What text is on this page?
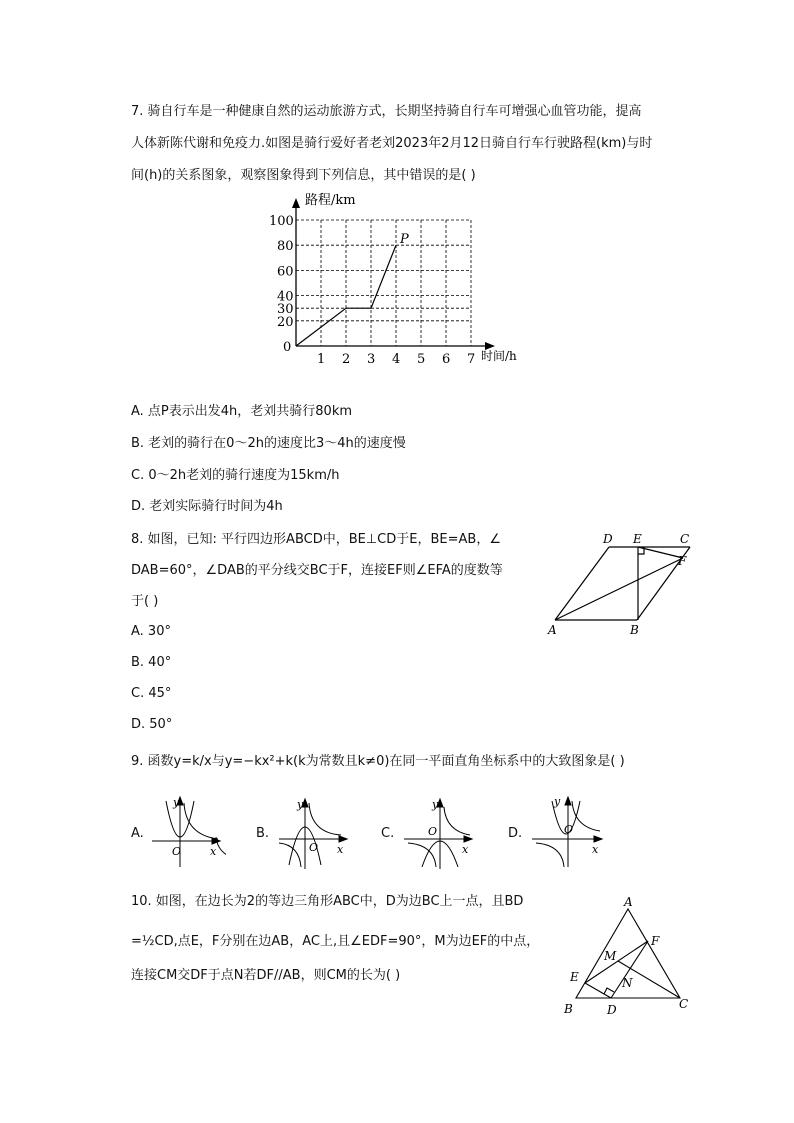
7. 骑自行车是一种健康自然的运动旅游方式，长期坚持骑自行车可增强心血管功能，提高
人体新陈代谢和免疫力.如图是骑行爱好者老刘2023年2月12日骑自行车行驶路程(km)与时
间(h)的关系图象，观察图象得到下列信息，其中错误的是( )
1 2 3 4 5 6 7
20
30
40
60
80
100
路程/km
时间/h
0
P
A. 点P表示出发4h，老刘共骑行80km
B. 老刘的骑行在0～2h的速度比3～4h的速度慢
C. 0～2h老刘的骑行速度为15km/h
D. 老刘实际骑行时间为4h
8. 如图，已知: 平行四边形ABCD中，BE⊥CD于E，BE=AB，∠
DAB=60°，∠DAB的平分线交BC于F，连接EF则∠EFA的度数等
于( )
A. 30°
B. 40°
C. 45°
D. 50°
A	B
C
D E
F
9. 函数y=k/x与y=−kx²+k(k为常数且k≠0)在同一平面直角坐标系中的大致图象是( )
A.
y
x
O
B.
y
x
O
C.
y
x
O	D.
y
x
O
10. 如图，在边长为2的等边三角形ABC中，D为边BC上一点，且BD
=½CD,点E，F分别在边AB，AC上,且∠EDF=90°，M为边EF的中点，
连接CM交DF于点N若DF//AB，则CM的长为( )
A
B	C
D
E
F
M
N
